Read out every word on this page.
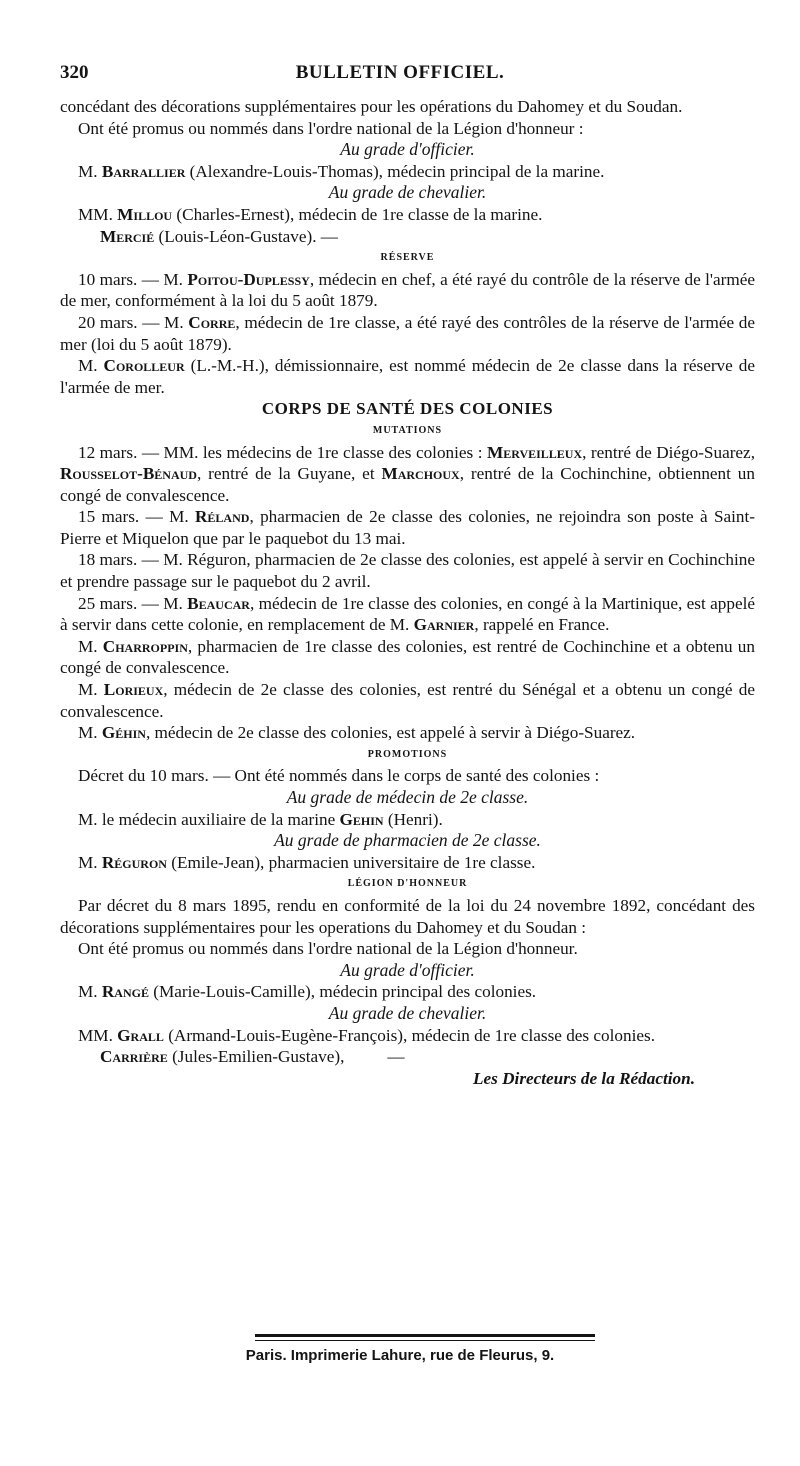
320	BULLETIN OFFICIEL.

concédant des décorations supplémentaires pour les opérations du Dahomey et du Soudan.

Ont été promus ou nommés dans l'ordre national de la Légion d'honneur :

Au grade d'officier.

M. Barrallier (Alexandre-Louis-Thomas), médecin principal de la marine.

Au grade de chevalier.

MM. Millou (Charles-Ernest), médecin de 1re classe de la marine.

Mercié (Louis-Léon-Gustave). —

RÉSERVE

10 mars. — M. Poitou-Duplessy, médecin en chef, a été rayé du contrôle de la réserve de l'armée de mer, conformément à la loi du 5 août 1879.

20 mars. — M. Corre, médecin de 1re classe, a été rayé des contrôles de la réserve de l'armée de mer (loi du 5 août 1879).

M. Corolleur (L.-M.-H.), démissionnaire, est nommé médecin de 2e classe dans la réserve de l'armée de mer.

CORPS DE SANTÉ DES COLONIES

MUTATIONS

12 mars. — MM. les médecins de 1re classe des colonies : Merveilleux, rentré de Diégo-Suarez, Rousselot-Bénaud, rentré de la Guyane, et Marchoux, rentré de la Cochinchine, obtiennent un congé de convalescence.

15 mars. — M. Réland, pharmacien de 2e classe des colonies, ne rejoindra son poste à Saint-Pierre et Miquelon que par le paquebot du 13 mai.

18 mars. — M. Réguron, pharmacien de 2e classe des colonies, est appelé à servir en Cochinchine et prendre passage sur le paquebot du 2 avril.

25 mars. — M. Beaucar, médecin de 1re classe des colonies, en congé à la Martinique, est appelé à servir dans cette colonie, en remplacement de M. Garnier, rappelé en France.

M. Charroppin, pharmacien de 1re classe des colonies, est rentré de Cochinchine et a obtenu un congé de convalescence.

M. Lorieux, médecin de 2e classe des colonies, est rentré du Sénégal et a obtenu un congé de convalescence.

M. Géhin, médecin de 2e classe des colonies, est appelé à servir à Diégo-Suarez.

PROMOTIONS

Décret du 10 mars. — Ont été nommés dans le corps de santé des colonies :

Au grade de médecin de 2e classe.

M. le médecin auxiliaire de la marine Gehin (Henri).

Au grade de pharmacien de 2e classe.

M. Réguron (Emile-Jean), pharmacien universitaire de 1re classe.

LÉGION D'HONNEUR

Par décret du 8 mars 1895, rendu en conformité de la loi du 24 novembre 1892, concédant des décorations supplémentaires pour les operations du Dahomey et du Soudan :

Ont été promus ou nommés dans l'ordre national de la Légion d'honneur.

Au grade d'officier.

M. Rangé (Marie-Louis-Camille), médecin principal des colonies.

Au grade de chevalier.

MM. Grall (Armand-Louis-Eugène-François), médecin de 1re classe des colonies.

Carrière (Jules-Emilien-Gustave),          —

Les Directeurs de la Rédaction.

Paris. Imprimerie Lahure, rue de Fleurus, 9.
